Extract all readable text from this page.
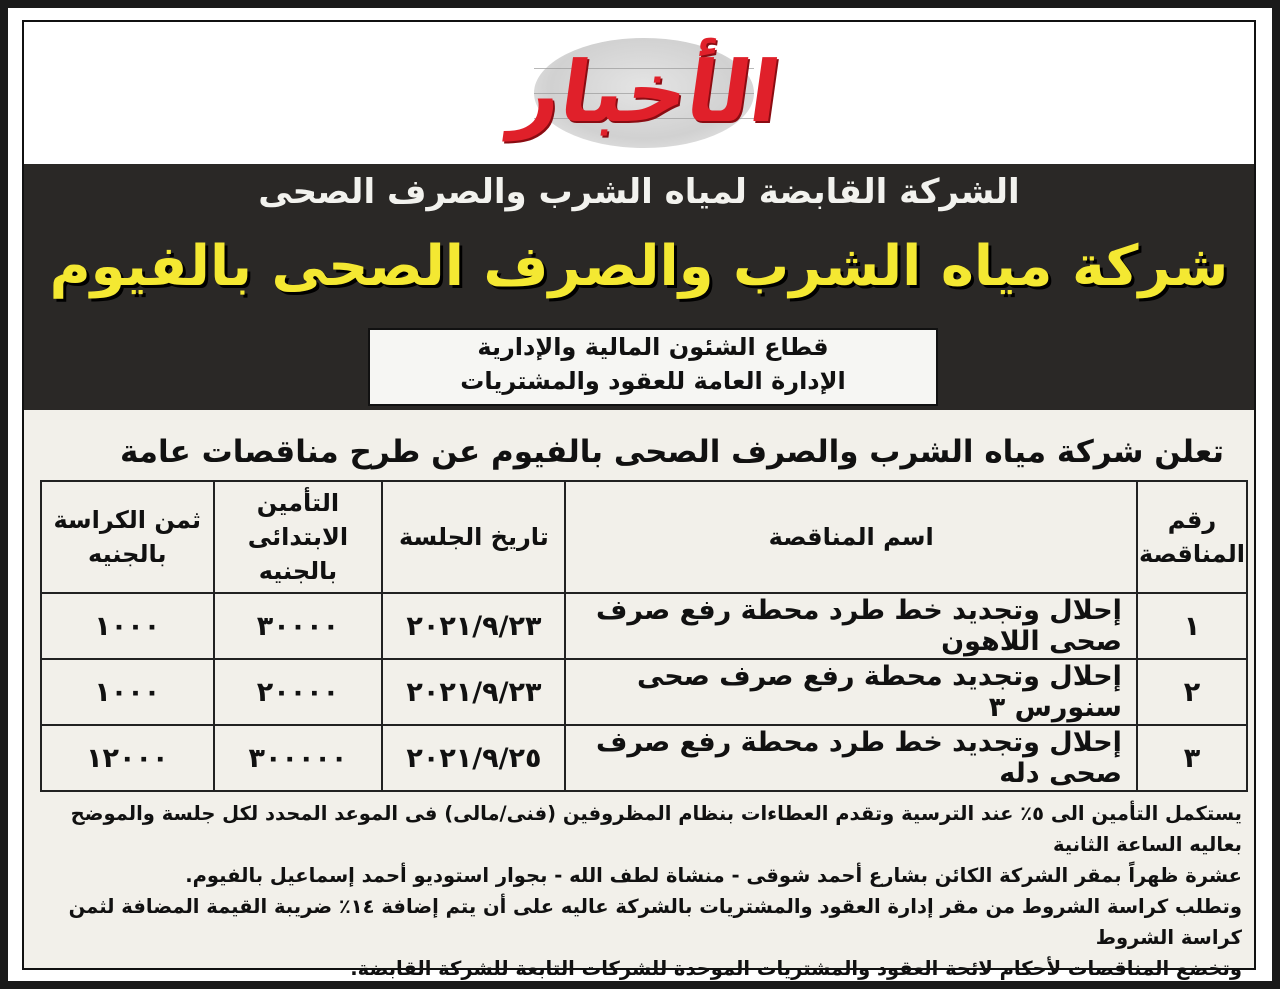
الأخبار
الشركة القابضة لمياه الشرب والصرف الصحى
شركة مياه الشرب والصرف الصحى بالفيوم
قطاع الشئون المالية والإدارية
الإدارة العامة للعقود والمشتريات
تعلن شركة مياه الشرب والصرف الصحى بالفيوم عن طرح مناقصات عامة
رقم المناقصة	اسم المناقصة	تاريخ الجلسة	التأمين الابتدائى بالجنيه	ثمن الكراسة بالجنيه
١	إحلال وتجديد خط طرد محطة رفع صرف صحى اللاهون	٢٠٢١/٩/٢٣	٣٠٠٠٠	١٠٠٠
٢	إحلال وتجديد محطة رفع صرف صحى سنورس ٣	٢٠٢١/٩/٢٣	٢٠٠٠٠	١٠٠٠
٣	إحلال وتجديد خط طرد محطة رفع صرف صحى دله	٢٠٢١/٩/٢٥	٣٠٠٠٠٠	١٢٠٠٠

يستكمل التأمين الى ٥٪ عند الترسية وتقدم العطاءات بنظام المظروفين (فنى/مالى) فى الموعد المحدد لكل جلسة والموضح بعاليه الساعة الثانية

عشرة ظهراً بمقر الشركة الكائن بشارع أحمد شوقى - منشاة لطف الله - بجوار استوديو أحمد إسماعيل بالفيوم.

وتطلب كراسة الشروط من مقر إدارة العقود والمشتريات بالشركة عاليه على أن يتم إضافة ١٤٪ ضريبة القيمة المضافة لثمن كراسة الشروط

وتخضع المناقصات لأحكام لائحة العقود والمشتريات الموحدة للشركات التابعة للشركة القابضة.
